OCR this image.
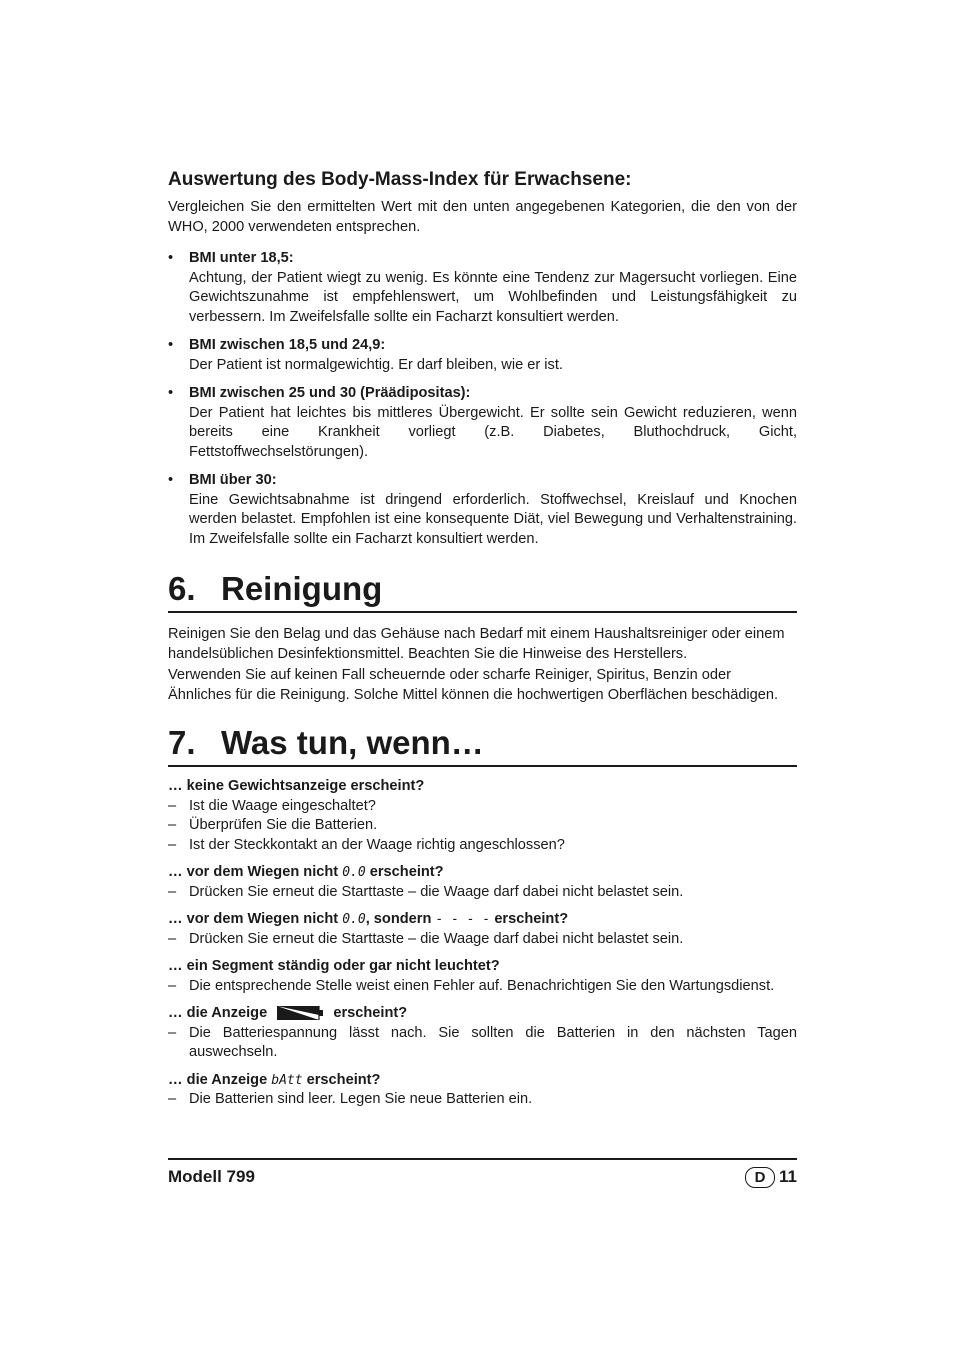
Auswertung des Body-Mass-Index für Erwachsene:

Vergleichen Sie den ermittelten Wert mit den unten angegebenen Kategorien, die den von der WHO, 2000 verwendeten entsprechen.

• BMI unter 18,5:
Achtung, der Patient wiegt zu wenig. Es könnte eine Tendenz zur Magersucht vorliegen. Eine Gewichtszunahme ist empfehlenswert, um Wohlbefinden und Leistungsfähigkeit zu verbessern. Im Zweifelsfalle sollte ein Facharzt konsultiert werden.
• BMI zwischen 18,5 und 24,9:
Der Patient ist normalgewichtig. Er darf bleiben, wie er ist.
• BMI zwischen 25 und 30 (Präädipositas):
Der Patient hat leichtes bis mittleres Übergewicht. Er sollte sein Gewicht reduzieren, wenn bereits eine Krankheit vorliegt (z.B. Diabetes, Bluthochdruck, Gicht, Fettstoffwechselstörungen).
• BMI über 30:
Eine Gewichtsabnahme ist dringend erforderlich. Stoffwechsel, Kreislauf und Knochen werden belastet. Empfohlen ist eine konsequente Diät, viel Bewegung und Verhaltenstraining. Im Zweifelsfalle sollte ein Facharzt konsultiert werden.
6. Reinigung

Reinigen Sie den Belag und das Gehäuse nach Bedarf mit einem Haushaltsreiniger oder einem handelsüblichen Desinfektionsmittel. Beachten Sie die Hinweise des Herstellers.

Verwenden Sie auf keinen Fall scheuernde oder scharfe Reiniger, Spiritus, Benzin oder Ähnliches für die Reinigung. Solche Mittel können die hochwertigen Oberflächen beschädigen.

7. Was tun, wenn…
… keine Gewichtsanzeige erscheint?
– Ist die Waage eingeschaltet?
– Überprüfen Sie die Batterien.
– Ist der Steckkontakt an der Waage richtig angeschlossen?
… vor dem Wiegen nicht 0.0 erscheint?
– Drücken Sie erneut die Starttaste – die Waage darf dabei nicht belastet sein.
… vor dem Wiegen nicht 0.0, sondern - - - - erscheint?
– Drücken Sie erneut die Starttaste – die Waage darf dabei nicht belastet sein.
… ein Segment ständig oder gar nicht leuchtet?
– Die entsprechende Stelle weist einen Fehler auf. Benachrichtigen Sie den Wartungsdienst.
… die Anzeige	erscheint?
– Die Batteriespannung lässt nach. Sie sollten die Batterien in den nächsten Tagen auswechseln.
… die Anzeige bAtt erscheint?
– Die Batterien sind leer. Legen Sie neue Batterien ein.
Modell 799	D 11
